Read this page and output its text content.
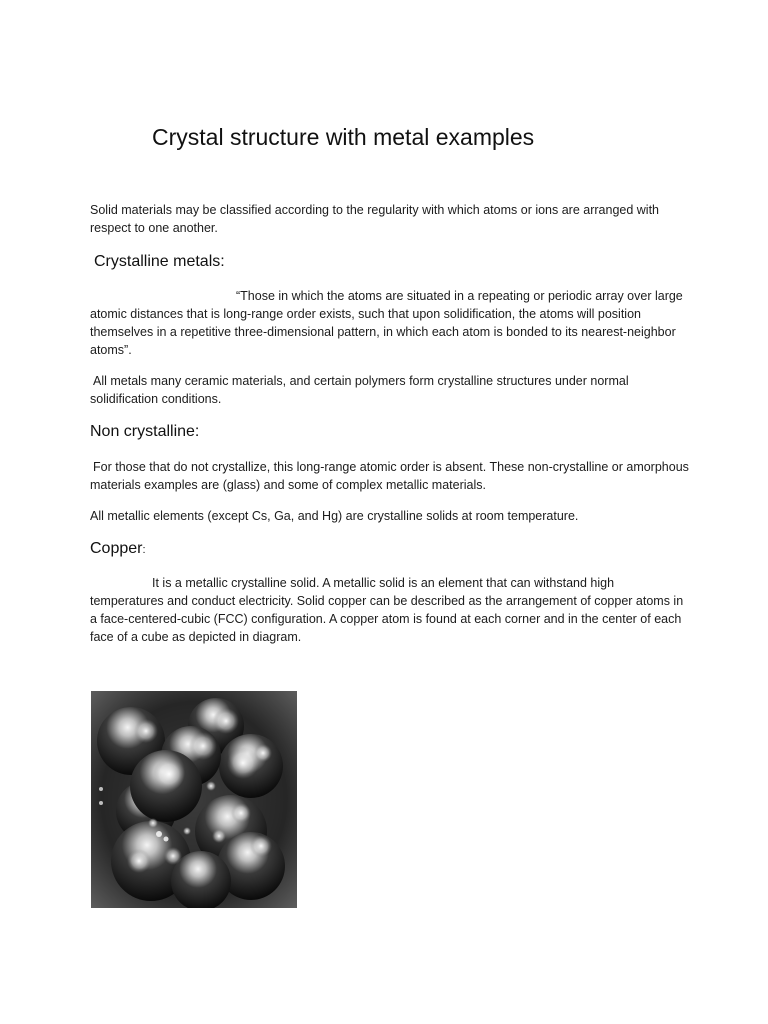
Crystal structure with metal examples

Solid materials may be classified according to the regularity with which atoms or ions are arranged with respect to one another.

Crystalline metals:

“Those in which the atoms are situated in a repeating or periodic array over large atomic distances that is long-range order exists, such that upon solidification, the atoms will position themselves in a repetitive three-dimensional pattern, in which each atom is bonded to its nearest-neighbor atoms”.

All metals many ceramic materials, and certain polymers form crystalline structures under normal solidification conditions.

Non crystalline:

For those that do not crystallize, this long-range atomic order is absent. These non-crystalline or amorphous materials examples are (glass) and some of complex metallic materials.

All metallic elements (except Cs, Ga, and Hg) are crystalline solids at room temperature.

Copper:

It is a metallic crystalline solid. A metallic solid is an element that can withstand high temperatures and conduct electricity. Solid copper can be described as the arrangement of copper atoms in a face-centered-cubic (FCC) configuration. A copper atom is found at each corner and in the center of each face of a cube as depicted in diagram.
